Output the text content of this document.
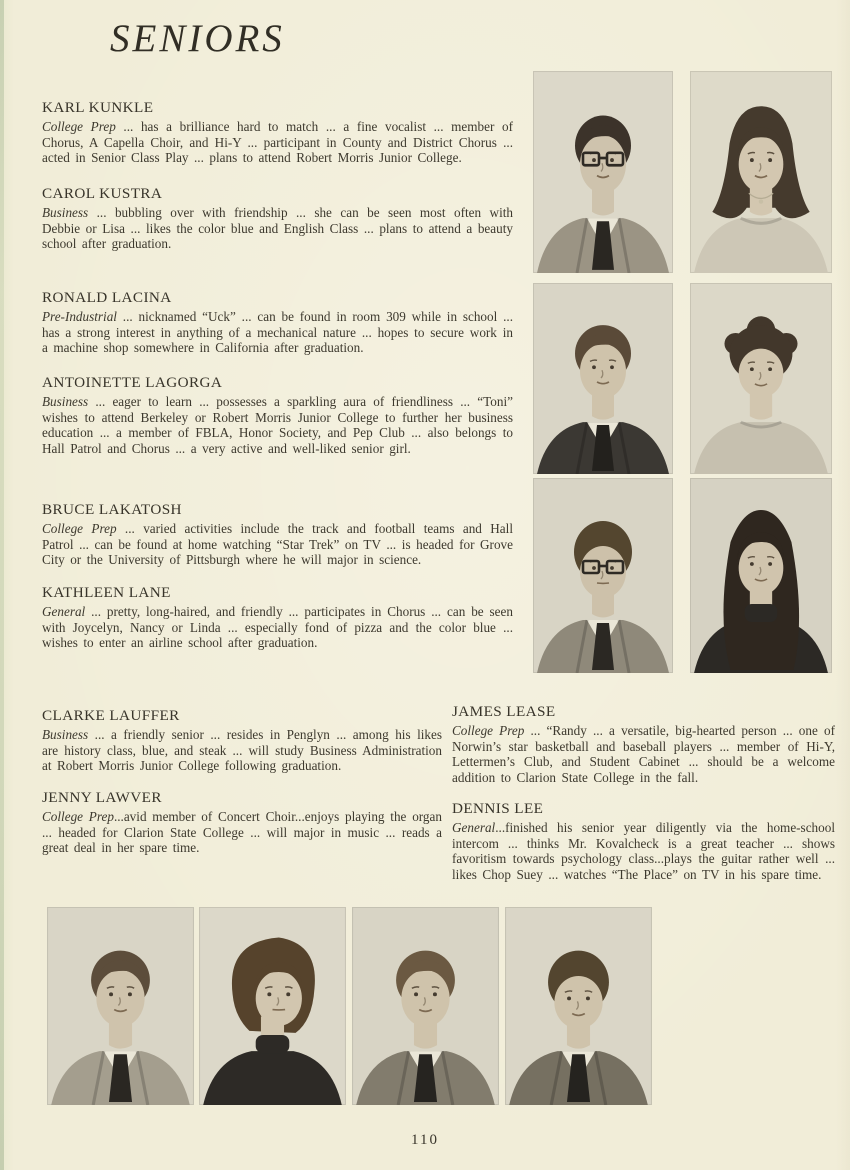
SENIORS
KARL KUNKLE

College Prep ... has a brilliance hard to match ... a fine vocalist ... member of Chorus, A Capella Choir, and Hi-Y ... participant in County and District Chorus ... acted in Senior Class Play ... plans to attend Robert Morris Junior College.

CAROL KUSTRA

Business ... bubbling over with friendship ... she can be seen most often with Debbie or Lisa ... likes the color blue and English Class ... plans to attend a beauty school after graduation.

RONALD LACINA

Pre-Industrial ... nicknamed “Uck” ... can be found in room 309 while in school ... has a strong interest in anything of a mechanical nature ... hopes to secure work in a machine shop somewhere in California after graduation.

ANTOINETTE LAGORGA

Business ... eager to learn ... possesses a sparkling aura of friendliness ... “Toni” wishes to attend Berkeley or Robert Morris Junior College to further her business education ... a member of FBLA, Honor Society, and Pep Club ... also belongs to Hall Patrol and Chorus ... a very active and well-liked senior girl.

BRUCE LAKATOSH

College Prep ... varied activities include the track and football teams and Hall Patrol ... can be found at home watching “Star Trek” on TV ... is headed for Grove City or the University of Pittsburgh where he will major in science.

KATHLEEN LANE

General ... pretty, long-haired, and friendly ... participates in Chorus ... can be seen with Joycelyn, Nancy or Linda ... especially fond of pizza and the color blue ... wishes to enter an airline school after graduation.

CLARKE LAUFFER

Business ... a friendly senior ... resides in Penglyn ... among his likes are history class, blue, and steak ... will study Business Administration at Robert Morris Junior College following graduation.

JENNY LAWVER

College Prep...avid member of Concert Choir...enjoys playing the organ ... headed for Clarion State College ... will major in music ... reads a great deal in her spare time.

JAMES LEASE

College Prep ... “Randy ... a versatile, big-hearted person ... one of Norwin’s star basketball and baseball players ... member of Hi-Y, Lettermen’s Club, and Student Cabinet ... should be a welcome addition to Clarion State College in the fall.

DENNIS LEE

General...finished his senior year diligently via the home-school intercom ... thinks Mr. Kovalcheck is a great teacher ... shows favoritism towards psychology class...plays the guitar rather well ... likes Chop Suey ... watches “The Place” on TV in his spare time.

110
